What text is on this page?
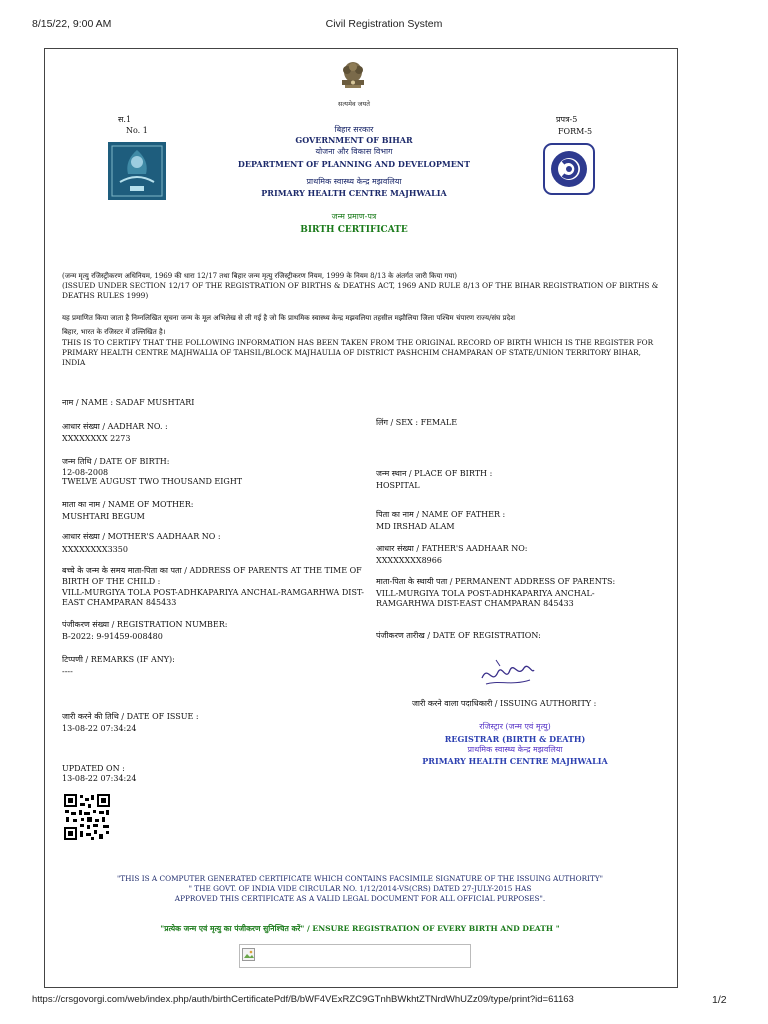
8/15/22, 9:00 AM	Civil Registration System
https://crsgovorgi.com/web/index.php/auth/birthCertificatePdf/B/bWF4VExRZC9GTnhBWkhtZTNrdWhUZz09/type/print?id=61163	1/2
सत्यमेव जयते
स.1
No. 1
प्रपत्र-5
FORM-5
बिहार सरकार
GOVERNMENT OF BIHAR
योजना और विकास विभाग
DEPARTMENT OF PLANNING AND DEVELOPMENT
प्राथमिक स्वास्थ्य केन्द्र मझवलिया
PRIMARY HEALTH CENTRE MAJHWALIA
जन्म प्रमाण-पत्र
BIRTH CERTIFICATE
(जन्म मृत्यु रजिस्ट्रीकरण अधिनियम, 1969 की धारा 12/17 तथा बिहार जन्म मृत्यु रजिस्ट्रीकरण नियम, 1999 के नियम 8/13 के अंतर्गत जारी किया गया)
(ISSUED UNDER SECTION 12/17 OF THE REGISTRATION OF BIRTHS & DEATHS ACT, 1969 AND RULE 8/13 OF THE BIHAR REGISTRATION OF BIRTHS &
DEATHS RULES 1999)
यह प्रमाणित किया जाता है निम्नलिखित सूचना जन्म के मूल अभिलेख से ली गई है जो कि प्राथमिक स्वास्थ्य केन्द्र मझवलिया तहसील मझौलिया जिला पश्चिम चंपारण राज्य/संघ प्रदेश
बिहार, भारत के रजिस्टर में उल्लिखित है।
THIS IS TO CERTIFY THAT THE FOLLOWING INFORMATION HAS BEEN TAKEN FROM THE ORIGINAL RECORD OF BIRTH WHICH IS THE REGISTER FOR
PRIMARY HEALTH CENTRE MAJHWALIA OF TAHSIL/BLOCK MAJHAULIA OF DISTRICT PASHCHIM CHAMPARAN OF STATE/UNION TERRITORY BIHAR,
INDIA
नाम / NAME : SADAF MUSHTARI
आधार संख्या / AADHAR NO. :
XXXXXXXX 2273
जन्म तिथि / DATE OF BIRTH:
12-08-2008
TWELVE AUGUST TWO THOUSAND EIGHT
माता का नाम / NAME OF MOTHER:
MUSHTARI BEGUM
आधार संख्या / MOTHER'S AADHAAR NO :
XXXXXXXX3350
बच्चे के जन्म के समय माता-पिता का पता / ADDRESS OF PARENTS AT THE TIME OF
BIRTH OF THE CHILD :
VILL-MURGIYA TOLA POST-ADHKAPARIYA ANCHAL-RAMGARHWA DIST-
EAST CHAMPARAN 845433
पंजीकरण संख्या / REGISTRATION NUMBER:
B-2022: 9-91459-008480
टिप्पणी / REMARKS (IF ANY):
----
जारी करने की तिथि / DATE OF ISSUE :
13-08-22 07:34:24
UPDATED ON :
13-08-22 07:34:24
लिंग / SEX : FEMALE
जन्म स्थान / PLACE OF BIRTH :
HOSPITAL
पिता का नाम / NAME OF FATHER :
MD IRSHAD ALAM
आधार संख्या / FATHER'S AADHAAR NO:
XXXXXXXX8966
माता-पिता के स्थायी पता / PERMANENT ADDRESS OF PARENTS:
VILL-MURGIYA TOLA POST-ADHKAPARIYA ANCHAL-
RAMGARHWA DIST-EAST CHAMPARAN 845433
पंजीकरण तारीख / DATE OF REGISTRATION:
जारी करने वाला पदाधिकारी / ISSUING AUTHORITY :
रजिस्ट्रार (जन्म एवं मृत्यु)
REGISTRAR (BIRTH & DEATH)
प्राथमिक स्वास्थ्य केन्द्र मझवलिया
PRIMARY HEALTH CENTRE MAJHWALIA
"THIS IS A COMPUTER GENERATED CERTIFICATE WHICH CONTAINS FACSIMILE SIGNATURE OF THE ISSUING AUTHORITY"
" THE GOVT. OF INDIA VIDE CIRCULAR NO. 1/12/2014-VS(CRS) DATED 27-JULY-2015 HAS
APPROVED THIS CERTIFICATE AS A VALID LEGAL DOCUMENT FOR ALL OFFICIAL PURPOSES".
"प्रत्येक जन्म एवं मृत्यु का पंजीकरण सुनिश्चित करें" / ENSURE REGISTRATION OF EVERY BIRTH AND DEATH "
